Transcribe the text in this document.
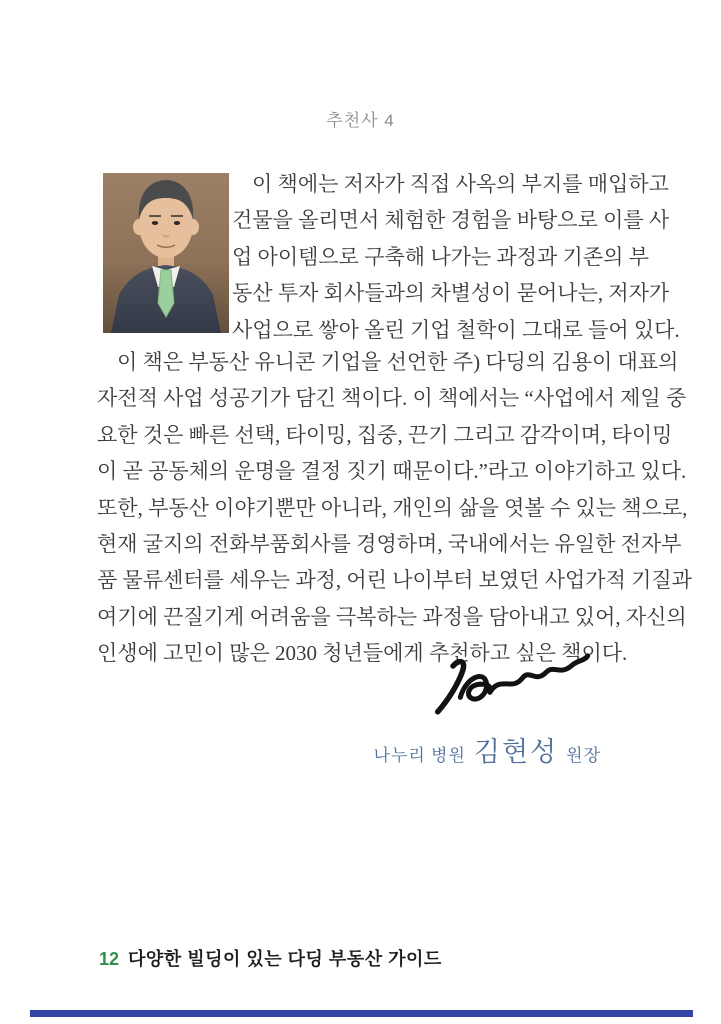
추천사 4
이 책에는 저자가 직접 사옥의 부지를 매입하고
건물을 올리면서 체험한 경험을 바탕으로 이를 사
업 아이템으로 구축해 나가는 과정과 기존의 부
동산 투자 회사들과의 차별성이 묻어나는, 저자가
사업으로 쌓아 올린 기업 철학이 그대로 들어 있다.
이 책은 부동산 유니콘 기업을 선언한 주) 다딩의 김용이 대표의
자전적 사업 성공기가 담긴 책이다. 이 책에서는 “사업에서 제일 중
요한 것은 빠른 선택, 타이밍, 집중, 끈기 그리고 감각이며, 타이밍
이 곧 공동체의 운명을 결정 짓기 때문이다.”라고 이야기하고 있다.
또한, 부동산 이야기뿐만 아니라, 개인의 삶을 엿볼 수 있는 책으로,
현재 굴지의 전화부품회사를 경영하며, 국내에서는 유일한 전자부
품 물류센터를 세우는 과정, 어린 나이부터 보였던 사업가적 기질과
여기에 끈질기게 어려움을 극복하는 과정을 담아내고 있어, 자신의
인생에 고민이 많은 2030 청년들에게 추천하고 싶은 책이다.
나누리 병원 김현성 원장
12 다양한 빌딩이 있는 다딩 부동산 가이드
